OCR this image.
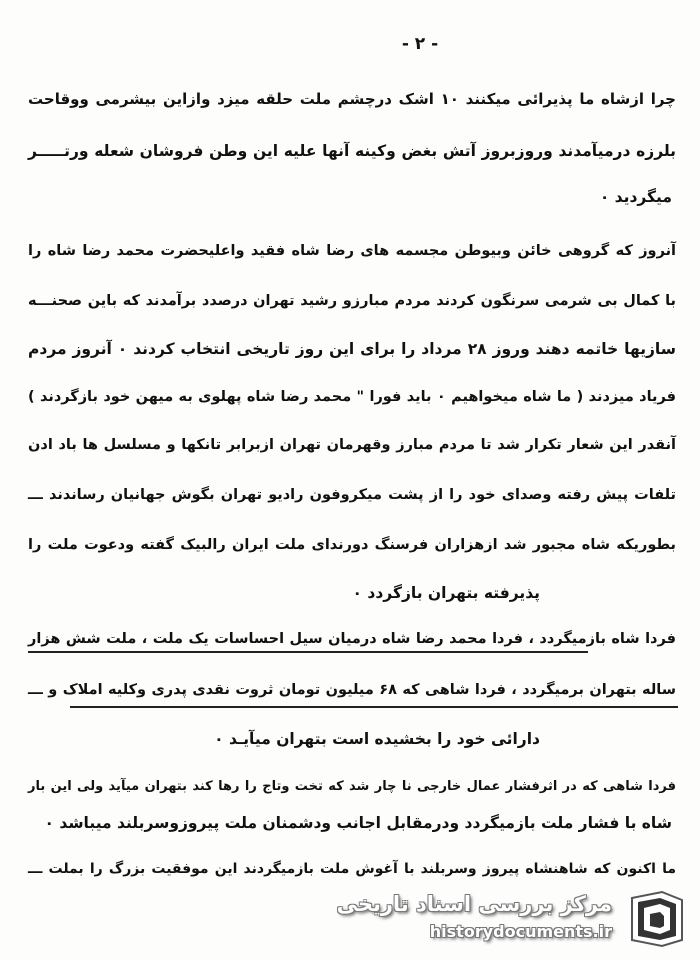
- ۲ -
چرا ازشاه ما پذیرائی میکنند ۱۰ اشک درچشم ملت حلقه میزد وازاین بیشرمی ووقاحت
بلرزه درمیآمدند وروزبروز آتش بغض وکینه آنها علیه این وطن فروشان شعله ورتـــــر
میگردید ۰
آنروز که گروهی خائن وبیوطن مجسمه های رضا شاه فقید واعلیحضرت محمد رضا شاه را
با کمال بی شرمی سرنگون کردند مردم مبارزو رشید تهران درصدد برآمدند که باین صحنـــه
سازیها خاتمه دهند وروز ۲۸ مرداد را برای این روز تاریخی انتخاب کردند ۰ آنروز مردم
فریاد میزدند ( ما شاه میخواهیم ۰ باید فورا " محمد رضا شاه پهلوی به میهن خود بازگردند )
آنقدر این شعار تکرار شد تا مردم مبارز وقهرمان تهران ازبرابر تانکها و مسلسل ها باد ادن
تلفات پیش رفته وصدای خود را از پشت میکروفون رادیو تهران بگوش جهانیان رساندند ـــ
بطوریکه شاه مجبور شد ازهزاران فرسنگ دورندای ملت ایران رالبیک گفته ودعوت ملت را
پذیرفته بتهران بازگردد ۰
فردا شاه بازمیگردد ، فردا محمد رضا شاه درمیان سیل احساسات یک ملت ، ملت شش هزار
ساله بتهران برمیگردد ، فردا شاهی که ۶۸ میلیون تومان ثروت نقدی پدری وکلیه املاک و ـــ
دارائی خود را بخشیده است بتهران میآیـد ۰
فردا شاهی که در اثرفشار عمال خارجی نا چار شد که تخت وتاج را رها کند بتهران میآید ولی این بار
شاه با فشار ملت بازمیگردد ودرمقابل اجانب ودشمنان ملت پیروزوسربلند میباشد ۰
ما اکنون که شاهنشاه پیروز وسربلند با آغوش ملت بازمیگردند این موفقیت بزرگ را بملت ـــ
مرکز بررسی اسناد تاریخی
historydocuments.ir
